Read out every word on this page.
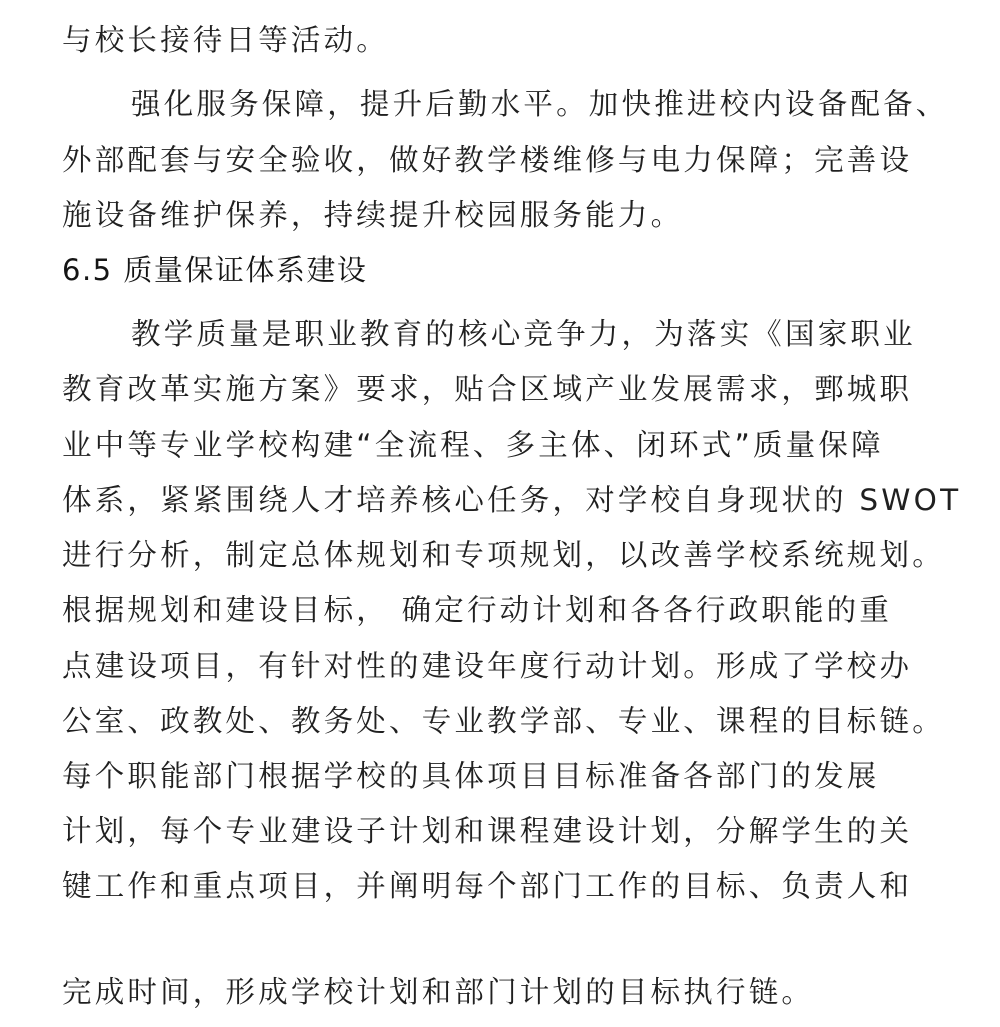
与校长接待日等活动。
强化服务保障，提升后勤水平。加快推进校内设备配备、
外部配套与安全验收，做好教学楼维修与电力保障；完善设
施设备维护保养，持续提升校园服务能力。
6.5 质量保证体系建设
教学质量是职业教育的核心竞争力，为落实《国家职业
教育改革实施方案》要求，贴合区域产业发展需求，鄄城职
业中等专业学校构建“全流程、多主体、闭环式”质量保障
体系，紧紧围绕人才培养核心任务，对学校自身现状的 SWOT
进行分析，制定总体规划和专项规划，以改善学校系统规划。
根据规划和建设目标， 确定行动计划和各各行政职能的重
点建设项目，有针对性的建设年度行动计划。形成了学校办
公室、政教处、教务处、专业教学部、专业、课程的目标链。
每个职能部门根据学校的具体项目目标准备各部门的发展
计划，每个专业建设子计划和课程建设计划，分解学生的关
键工作和重点项目，并阐明每个部门工作的目标、负责人和
完成时间，形成学校计划和部门计划的目标执行链。
